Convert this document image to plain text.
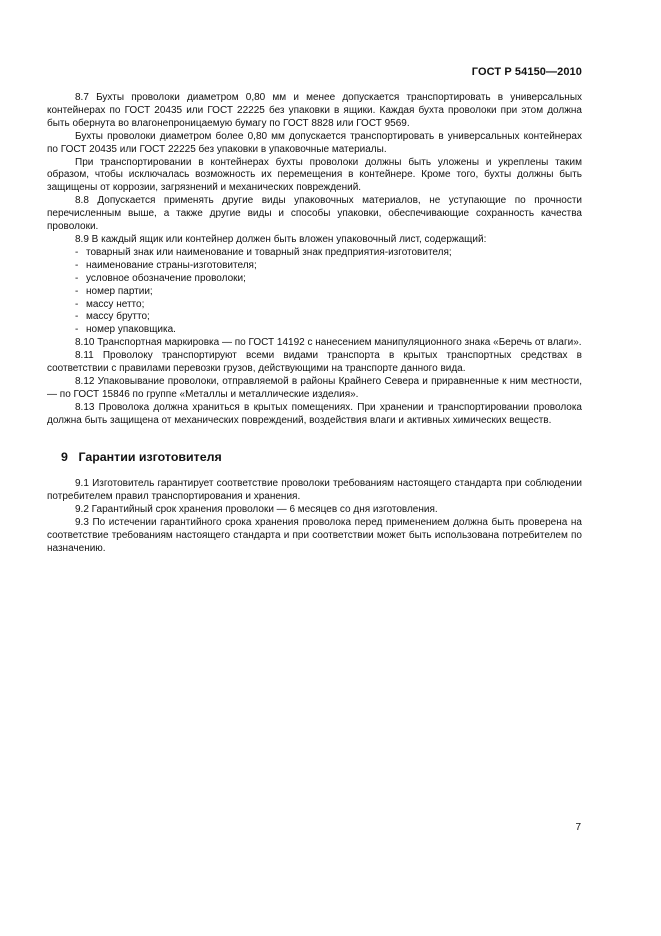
ГОСТ Р 54150—2010

8.7 Бухты проволоки диаметром 0,80 мм и менее допускается транспортировать в универсальных контейнерах по ГОСТ 20435 или ГОСТ 22225 без упаковки в ящики. Каждая бухта проволоки при этом должна быть обернута во влагонепроницаемую бумагу по ГОСТ 8828 или ГОСТ 9569.

Бухты проволоки диаметром более 0,80 мм допускается транспортировать в универсальных контейнерах по ГОСТ 20435 или ГОСТ 22225 без упаковки в упаковочные материалы.

При транспортировании в контейнерах бухты проволоки должны быть уложены и укреплены таким образом, чтобы исключалась возможность их перемещения в контейнере. Кроме того, бухты должны быть защищены от коррозии, загрязнений и механических повреждений.

8.8 Допускается применять другие виды упаковочных материалов, не уступающие по прочности перечисленным выше, а также другие виды и способы упаковки, обеспечивающие сохранность качества проволоки.

8.9 В каждый ящик или контейнер должен быть вложен упаковочный лист, содержащий:

- товарный знак или наименование и товарный знак предприятия-изготовителя;

- наименование страны-изготовителя;

- условное обозначение проволоки;

- номер партии;

- массу нетто;

- массу брутто;

- номер упаковщика.

8.10 Транспортная маркировка — по ГОСТ 14192 с нанесением манипуляционного знака «Беречь от влаги».

8.11 Проволоку транспортируют всеми видами транспорта в крытых транспортных средствах в соответствии с правилами перевозки грузов, действующими на транспорте данного вида.

8.12 Упаковывание проволоки, отправляемой в районы Крайнего Севера и приравненные к ним местности, — по ГОСТ 15846 по группе «Металлы и металлические изделия».

8.13 Проволока должна храниться в крытых помещениях. При хранении и транспортировании проволока должна быть защищена от механических повреждений, воздействия влаги и активных химических веществ.

9 Гарантии изготовителя

9.1 Изготовитель гарантирует соответствие проволоки требованиям настоящего стандарта при соблюдении потребителем правил транспортирования и хранения.

9.2 Гарантийный срок хранения проволоки — 6 месяцев со дня изготовления.

9.3 По истечении гарантийного срока хранения проволока перед применением должна быть проверена на соответствие требованиям настоящего стандарта и при соответствии может быть использована потребителем по назначению.

7
